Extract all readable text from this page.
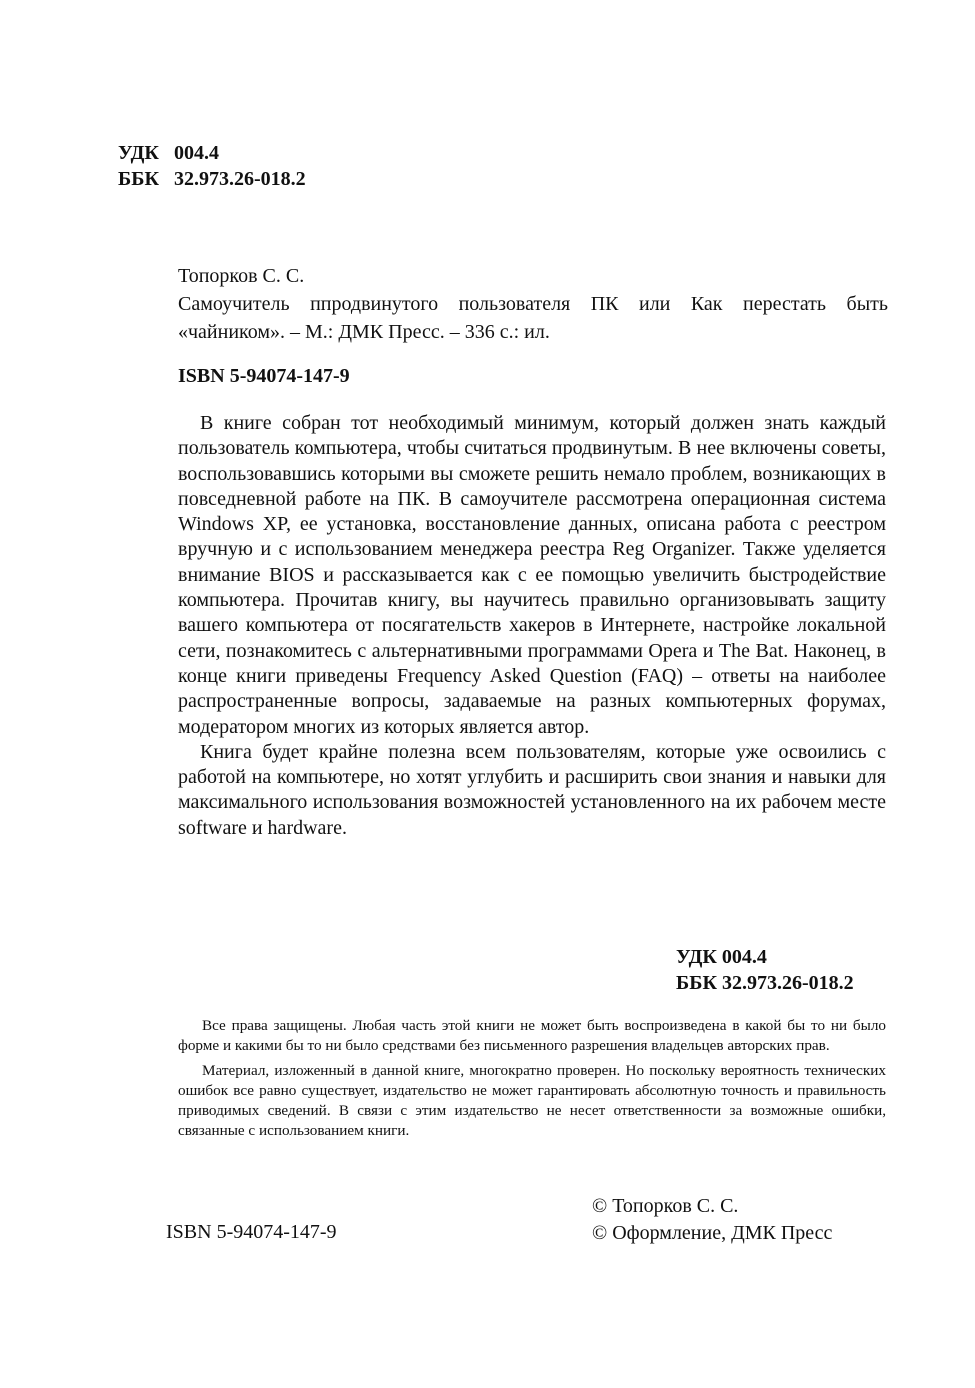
УДК 004.4
ББК 32.973.26-018.2
Топорков С. С.
Самоучитель ппродвинутого пользователя ПК или Как перестать быть
«чайником». – М.: ДМК Пресс. – 336 с.: ил.
ISBN 5-94074-147-9

В книге собран тот необходимый минимум, который должен знать каждый пользователь компьютера, чтобы считаться продвинутым. В нее включены советы, воспользовавшись которыми вы сможете решить немало проблем, возникающих в повседневной работе на ПК. В самоучителе рассмотрена операционная система Windows XP, ее установка, восстановление данных, описана работа с реестром вручную и с использованием менеджера реестра Reg Organizer. Также уделяется внимание BIOS и рассказывается как с ее помощью увеличить быстродействие компьютера. Прочитав книгу, вы научитесь правильно организовывать защиту вашего компьютера от посягательств хакеров в Интернете, настройке локальной сети, познакомитесь с альтернативными программами Opera и The Bat. Наконец, в конце книги приведены Frequency Asked Question (FAQ) – ответы на наиболее распространенные вопросы, задаваемые на разных компьютерных форумах, модератором многих из которых является автор.

Книга будет крайне полезна всем пользователям, которые уже освоились с работой на компьютере, но хотят углубить и расширить свои знания и навыки для максимального использования возможностей установленного на их рабочем месте software и hardware.

УДК 004.4
ББК 32.973.26-018.2

Все права защищены. Любая часть этой книги не может быть воспроизведена в какой бы то ни было форме и какими бы то ни было средствами без письменного разрешения владельцев авторских прав.

Материал, изложенный в данной книге, многократно проверен. Но поскольку вероятность технических ошибок все равно существует, издательство не может гарантировать абсолютную точность и правильность приводимых сведений. В связи с этим издательство не несет ответственности за возможные ошибки, связанные с использованием книги.

ISBN 5-94074-147-9
© Топорков С. С.
© Оформление, ДМК Пресс
